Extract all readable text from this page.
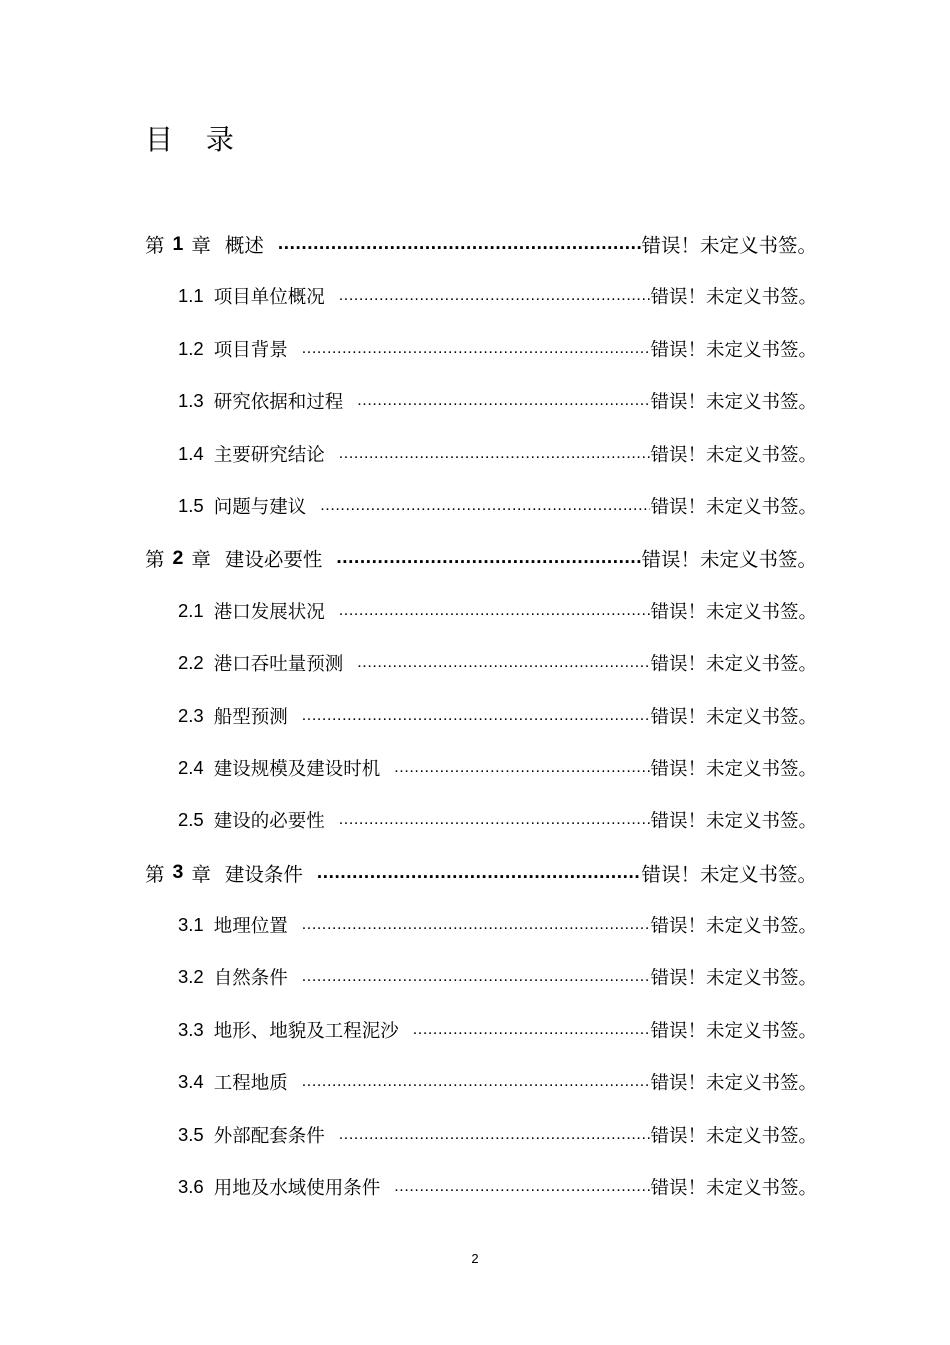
目 录
第 1 章 概述 .....	错误！未定义书签。
1.1 项目单位概况 .....	错误！未定义书签。
1.2 项目背景 .....	错误！未定义书签。
1.3 研究依据和过程 .....	错误！未定义书签。
1.4 主要研究结论 .....	错误！未定义书签。
1.5 问题与建议 .....	错误！未定义书签。
第 2 章 建设必要性 .....	错误！未定义书签。
2.1 港口发展状况 .....	错误！未定义书签。
2.2 港口吞吐量预测 .....	错误！未定义书签。
2.3 船型预测 .....	错误！未定义书签。
2.4 建设规模及建设时机 .....	错误！未定义书签。
2.5 建设的必要性 .....	错误！未定义书签。
第 3 章 建设条件 .....	错误！未定义书签。
3.1 地理位置 .....	错误！未定义书签。
3.2 自然条件 .....	错误！未定义书签。
3.3 地形、地貌及工程泥沙 .....	错误！未定义书签。
3.4 工程地质 .....	错误！未定义书签。
3.5 外部配套条件 .....	错误！未定义书签。
3.6 用地及水域使用条件 .....	错误！未定义书签。
2
